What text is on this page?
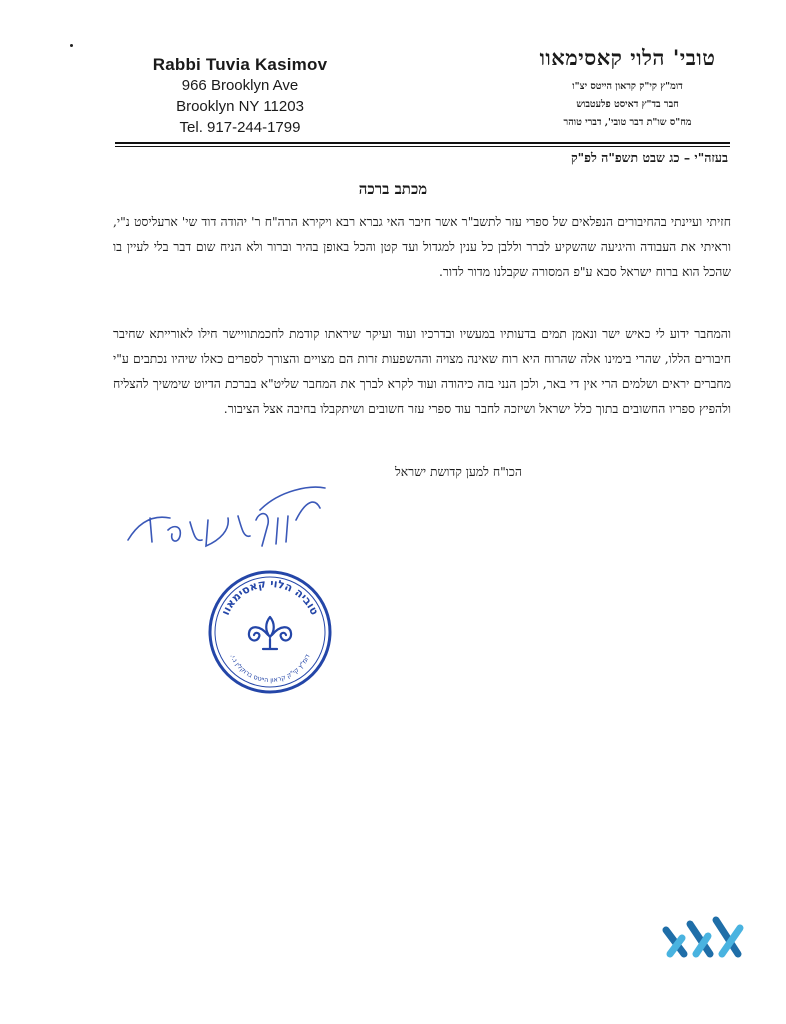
Rabbi Tuvia Kasimov
966 Brooklyn Ave
Brooklyn NY 11203
Tel. 917-244-1799
טובי' הלוי קאסימאוו
דומ"ץ קי"ק קראון הייטס יצ"ו
חבר בד"ץ דאיסט פלעטבוש
מח"ס שו"ת דבר טובי', דברי טוהר
בעזה"י – כג שבט תשפ"ה לפ"ק
מכתב ברכה
חזיתי ועיינתי בהחיבורים הנפלאים של ספרי עזר לתשב"ר אשר חיבר האי גברא רבא ויקירא הרה"ח ר' יהודה דוד שי' ארעליסט נ"י, וראיתי את העבודה והיגיעה שהשקיע לברר וללבן כל ענין למגדול ועד קטן והכל באופן בהיר וברור ולא הניח שום דבר בלי לעיין בו שהכל הוא ברוח ישראל סבא ע"פ המסורה שקבלנו מדור לדור.
והמחבר ידוע לי כאיש ישר ונאמן תמים בדעותיו במעשיו ובדרכיו ועוד ועיקר שיראתו קודמת לחכמתוויישר חילו לאורייתא שחיבר חיבורים הללו, שהרי בימינו אלה שהרוח היא רוח שאינה מצויה וההשפעות זרות הם מצויים והצורך לספרים כאלו שיהיו נכתבים ע"י מחברים יראים ושלמים הרי אין די באר, ולכן הנני בזה כיהודה ועוד לקרא לברך את המחבר שליט"א בברכת הדיוט שימשיך להצליח ולהפיץ ספריו החשובים בתוך כלל ישראל ושיזכה לחבר עוד ספרי עזר חשובים ושיתקבלו בחיבה אצל הציבור.
הכו"ח למען קדושת ישראל
טוביה הלוי קאסימאוו
דומ"ץ קי"ק קראון הייטס ברוקלין נ.י.
